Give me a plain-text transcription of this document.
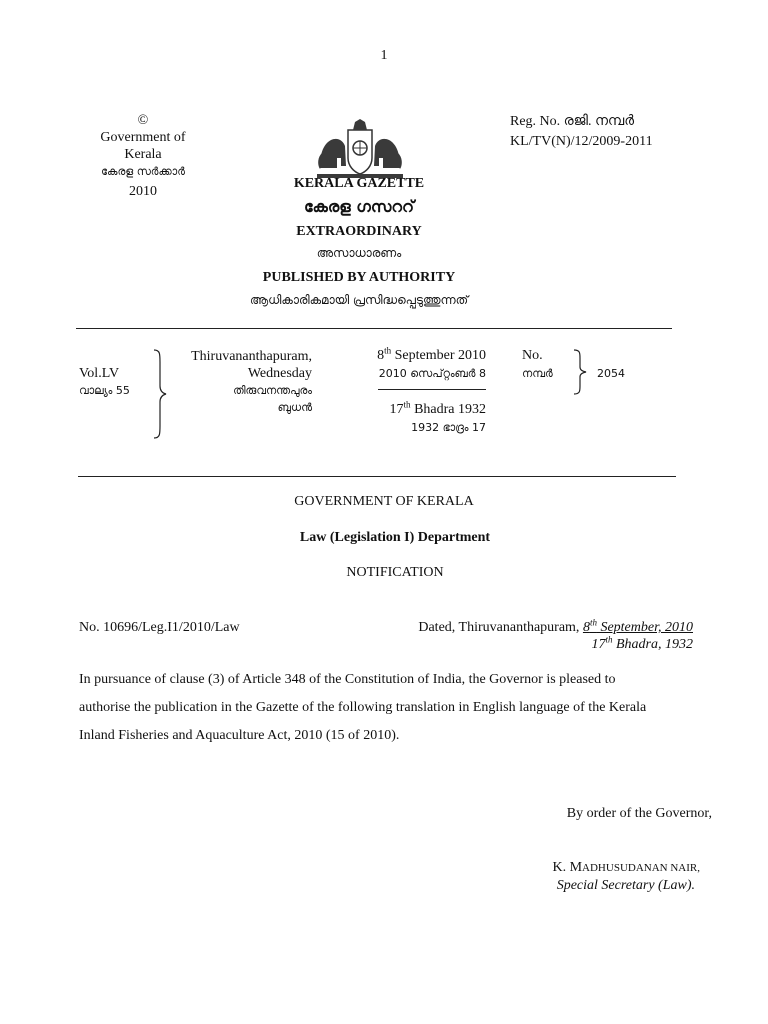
1
©
Government of
Kerala
കേരള സർക്കാർ
2010
Reg. No. രജി. നമ്പർ
KL/TV(N)/12/2009-2011
KERALA GAZETTE
കേരള ഗസററ്
EXTRAORDINARY
അസാധാരണം
PUBLISHED BY AUTHORITY
ആധികാരികമായി പ്രസിദ്ധപ്പെടുത്തുന്നത്
Vol.LV
വാല്യം 55
Thiruvananthapuram,
Wednesday
തിരുവനന്തപുരം
ബുധൻ
8th September 2010
2010 സെപ്റ്റംബർ 8
17th Bhadra 1932
1932 ഭാദ്രം 17
No.
നമ്പർ	2054
GOVERNMENT OF KERALA
Law (Legislation I) Department
NOTIFICATION
No. 10696/Leg.I1/2010/Law	Dated, Thiruvananthapuram, 8th September, 2010
17th Bhadra, 1932
In pursuance of clause (3) of Article 348 of the Constitution of India, the Governor is pleased to
authorise the publication in the Gazette of the following translation in English language of the Kerala
Inland Fisheries and Aquaculture Act, 2010 (15 of 2010).
By order of the Governor,
K. MADHUSUDANAN NAIR,
Special Secretary (Law).
